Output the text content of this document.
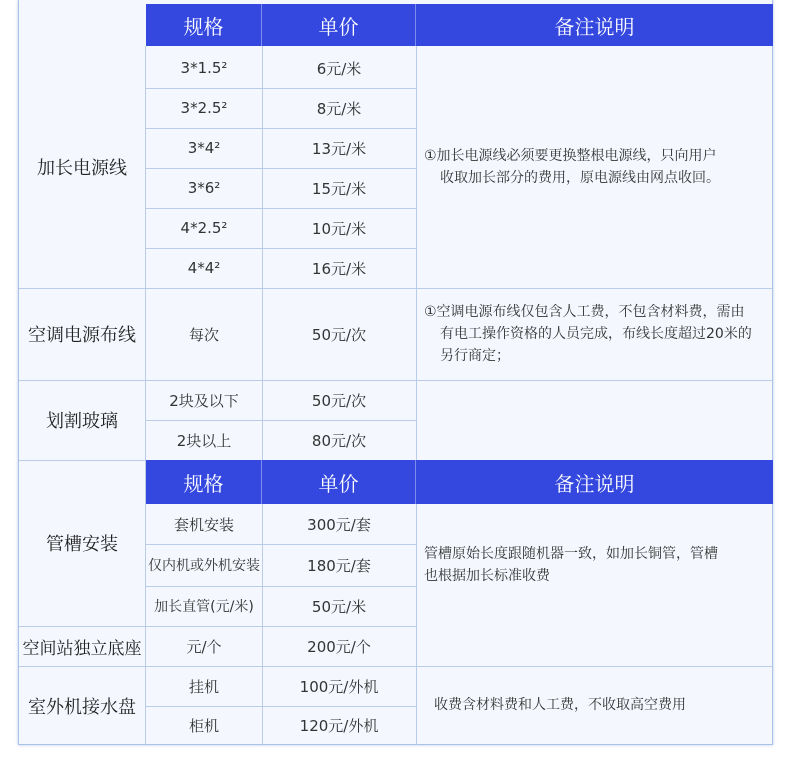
规格	单价	备注说明
加长电源线
3*1.5²	6元/米
3*2.5²	8元/米
3*4²	13元/米
3*6²	15元/米
4*2.5²	10元/米
4*4²	16元/米
①加长电源线必须要更换整根电源线，只向用户
收取加长部分的费用，原电源线由网点收回。
空调电源布线	每次	50元/次
①空调电源布线仅包含人工费，不包含材料费，需由
有电工操作资格的人员完成，布线长度超过20米的
另行商定；
划割玻璃
2块及以下	50元/次
2块以上	80元/次
规格	单价	备注说明
管槽安装
套机安装	300元/套
仅内机或外机安装	180元/套
加长直管(元/米)	50元/米
管槽原始长度跟随机器一致，如加长铜管，管槽
也根据加长标准收费
空间站独立底座	元/个	200元/个
室外机接水盘
挂机	100元/外机
柜机	120元/外机
收费含材料费和人工费，不收取高空费用
